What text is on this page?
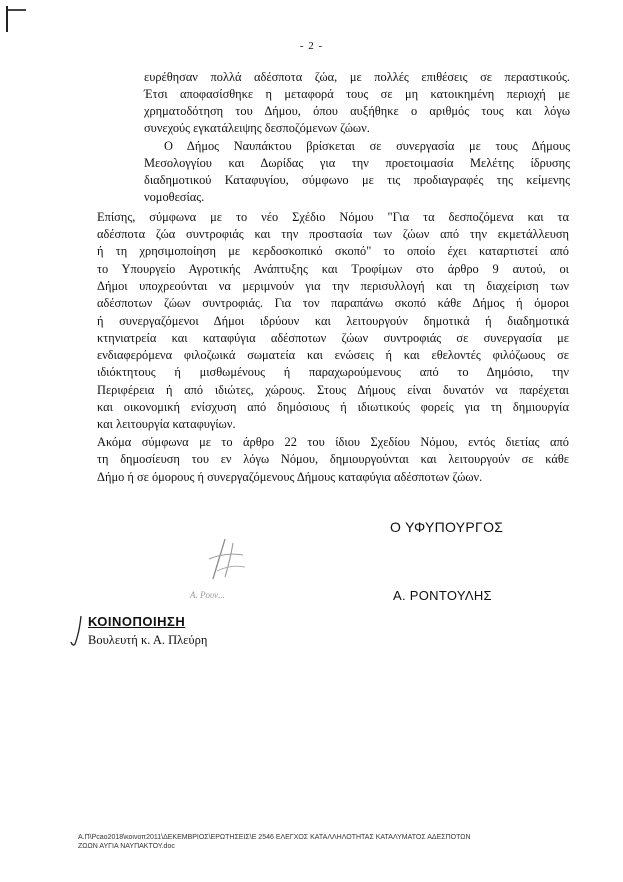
- 2 -
ευρέθησαν πολλά αδέσποτα ζώα, με πολλές επιθέσεις σε περαστικούς.
Έτσι αποφασίσθηκε η μεταφορά τους σε μη κατοικημένη περιοχή με
χρηματοδότηση του Δήμου, όπου αυξήθηκε ο αριθμός τους και λόγω
συνεχούς εγκατάλειψης δεσποζόμενων ζώων.
Ο Δήμος Ναυπάκτου βρίσκεται σε συνεργασία με τους Δήμους
Μεσολογγίου και Δωρίδας για την προετοιμασία Μελέτης ίδρυσης
διαδημοτικού Καταφυγίου, σύμφωνο με τις προδιαγραφές της κείμενης
νομοθεσίας.
Επίσης, σύμφωνα με το νέο Σχέδιο Νόμου "Για τα δεσποζόμενα και τα
αδέσποτα ζώα συντροφιάς και την προστασία των ζώων από την εκμετάλλευση
ή τη χρησιμοποίηση με κερδοσκοπικό σκοπό" το οποίο έχει καταρτιστεί από
το Υπουργείο Αγροτικής Ανάπτυξης και Τροφίμων στο άρθρο 9 αυτού, οι
Δήμοι υποχρεούνται να μεριμνούν για την περισυλλογή και τη διαχείριση των
αδέσποτων ζώων συντροφιάς. Για τον παραπάνω σκοπό κάθε Δήμος ή όμοροι
ή συνεργαζόμενοι Δήμοι ιδρύουν και λειτουργούν δημοτικά ή διαδημοτικά
κτηνιατρεία και καταφύγια αδέσποτων ζώων συντροφιάς σε συνεργασία με
ενδιαφερόμενα φιλοζωικά σωματεία και ενώσεις ή και εθελοντές φιλόζωους σε
ιδιόκτητους ή μισθωμένους ή παραχωρούμενους από το Δημόσιο, την
Περιφέρεια ή από ιδιώτες, χώρους. Στους Δήμους είναι δυνατόν να παρέχεται
και οικονομική ενίσχυση από δημόσιους ή ιδιωτικούς φορείς για τη δημιουργία
και λειτουργία καταφυγίων.
Ακόμα σύμφωνα με το άρθρο 22 του ίδιου Σχεδίου Νόμου, εντός διετίας από
τη δημοσίευση του εν λόγω Νόμου, δημιουργούνται και λειτουργούν σε κάθε
Δήμο ή σε όμορους ή συνεργαζόμενους Δήμους καταφύγια αδέσποτων ζώων.
Ο ΥΦΥΠΟΥΡΓΟΣ
Α. Ρουν...	Α. ΡΟΝΤΟΥΛΗΣ
ΚΟΙΝΟΠΟΙΗΣΗ
Βουλευτή κ. Α. Πλεύρη
Α.Π\Pcao2018\κοινοπ2011\ΔΕΚΕΜΒΡΙΟΣ\ΕΡΩΤΗΣΕΙΣ\Ε 2546 ΕΛΕΓΧΟΣ ΚΑΤΑΛΛΗΛΟΤΗΤΑΣ ΚΑΤΑΛΥΜΑΤΟΣ ΑΔΕΣΠΟΤΩΝ
ΖΩΩΝ ΑΥΓΙΑ ΝΑΥΠΑΚΤΟΥ.doc
